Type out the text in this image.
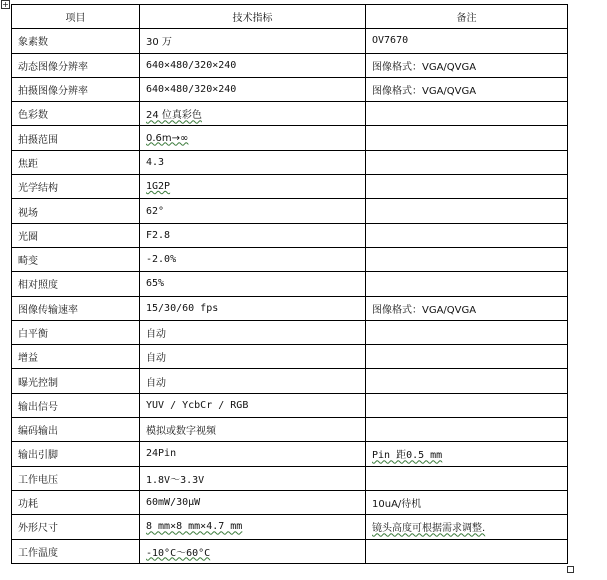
+
项目	技术指标	备注
象素数	30 万	OV7670
动态图像分辨率	640×480/320×240	图像格式：VGA/QVGA
拍摄图像分辨率	640×480/320×240	图像格式：VGA/QVGA
色彩数	24 位真彩色	
拍摄范围	0.6m→∞	
焦距	4.3	
光学结构	1G2P	
视场	62°	
光圈	F2.8	
畸变	-2.0%	
相对照度	65%	
图像传输速率	15/30/60 fps	图像格式：VGA/QVGA
白平衡	自动	
增益	自动	
曝光控制	自动	
输出信号	YUV / YcbCr / RGB	
编码输出	模拟或数字视频	
输出引脚	24Pin	Pin 距0.5 mm
工作电压	1.8V～3.3V	
功耗	60mW/30μW	10uA/待机
外形尺寸	8 mm×8 mm×4.7 mm	镜头高度可根据需求调整.
工作温度	-10°C～60°C	
